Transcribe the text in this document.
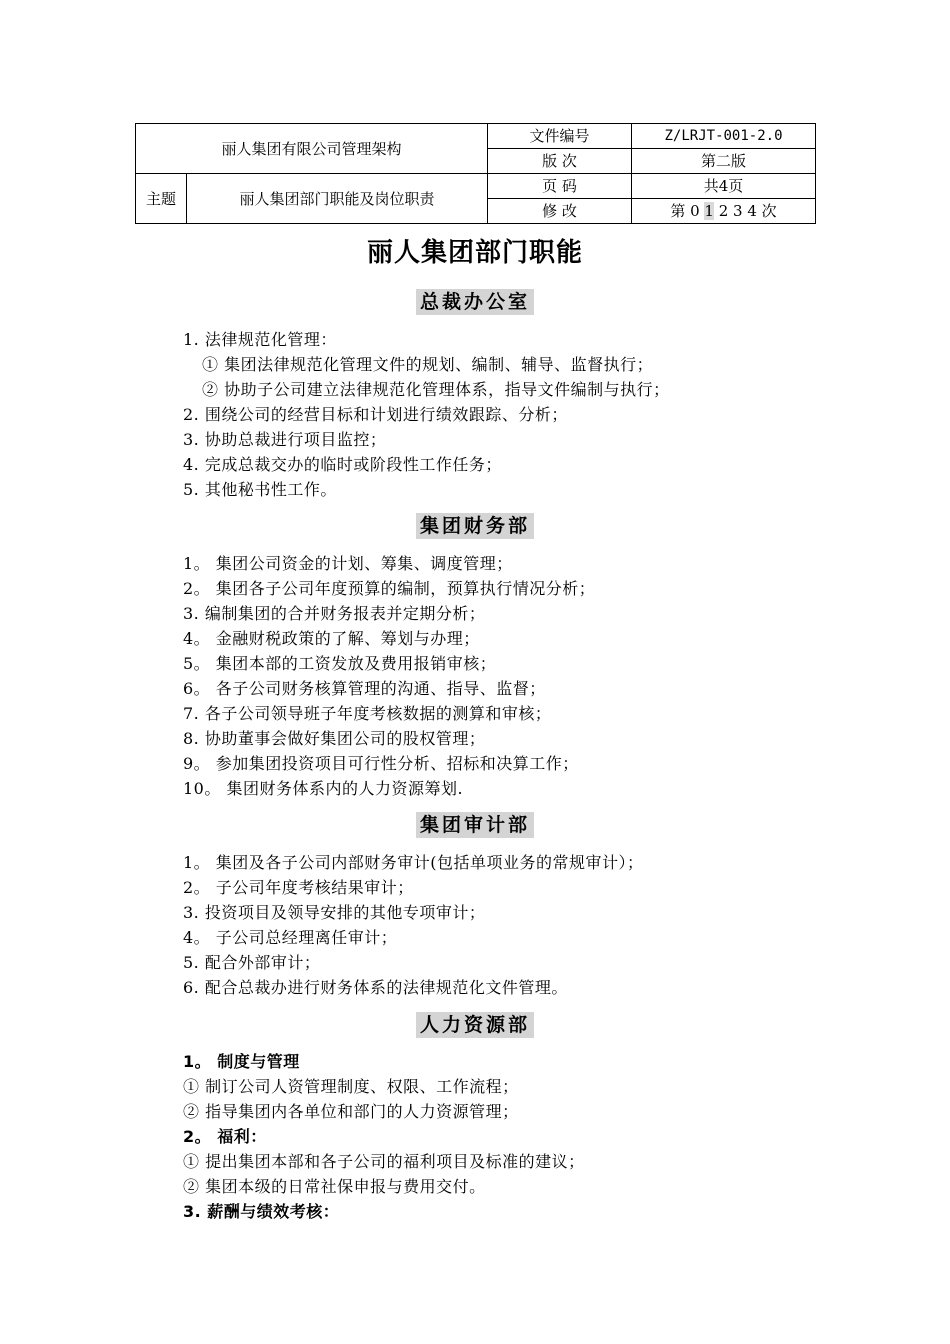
丽人集团有限公司管理架构		文件编号	Z/LRJT-001-2.0
		版 次	第二版
主题	丽人集团部门职能及岗位职责	页 码	共4页
		修 改	第 0 1 2 3 4 次
丽人集团部门职能
总裁办公室
1. 法律规范化管理：
① 集团法律规范化管理文件的规划、编制、辅导、监督执行；
② 协助子公司建立法律规范化管理体系，指导文件编制与执行；
2. 围绕公司的经营目标和计划进行绩效跟踪、分析；
3. 协助总裁进行项目监控；
4. 完成总裁交办的临时或阶段性工作任务；
5. 其他秘书性工作。
集团财务部
1。 集团公司资金的计划、筹集、调度管理；
2。 集团各子公司年度预算的编制，预算执行情况分析；
3. 编制集团的合并财务报表并定期分析；
4。 金融财税政策的了解、筹划与办理；
5。 集团本部的工资发放及费用报销审核；
6。 各子公司财务核算管理的沟通、指导、监督；
7. 各子公司领导班子年度考核数据的测算和审核；
8. 协助董事会做好集团公司的股权管理；
9。 参加集团投资项目可行性分析、招标和决算工作；
10。 集团财务体系内的人力资源筹划.
集团审计部
1。 集团及各子公司内部财务审计(包括单项业务的常规审计）；
2。 子公司年度考核结果审计；
3. 投资项目及领导安排的其他专项审计；
4。 子公司总经理离任审计；
5. 配合外部审计；
6. 配合总裁办进行财务体系的法律规范化文件管理。
人力资源部
1。 制度与管理
① 制订公司人资管理制度、权限、工作流程；
② 指导集团内各单位和部门的人力资源管理；
2。 福利：
① 提出集团本部和各子公司的福利项目及标准的建议；
② 集团本级的日常社保申报与费用交付。
3. 薪酬与绩效考核：
